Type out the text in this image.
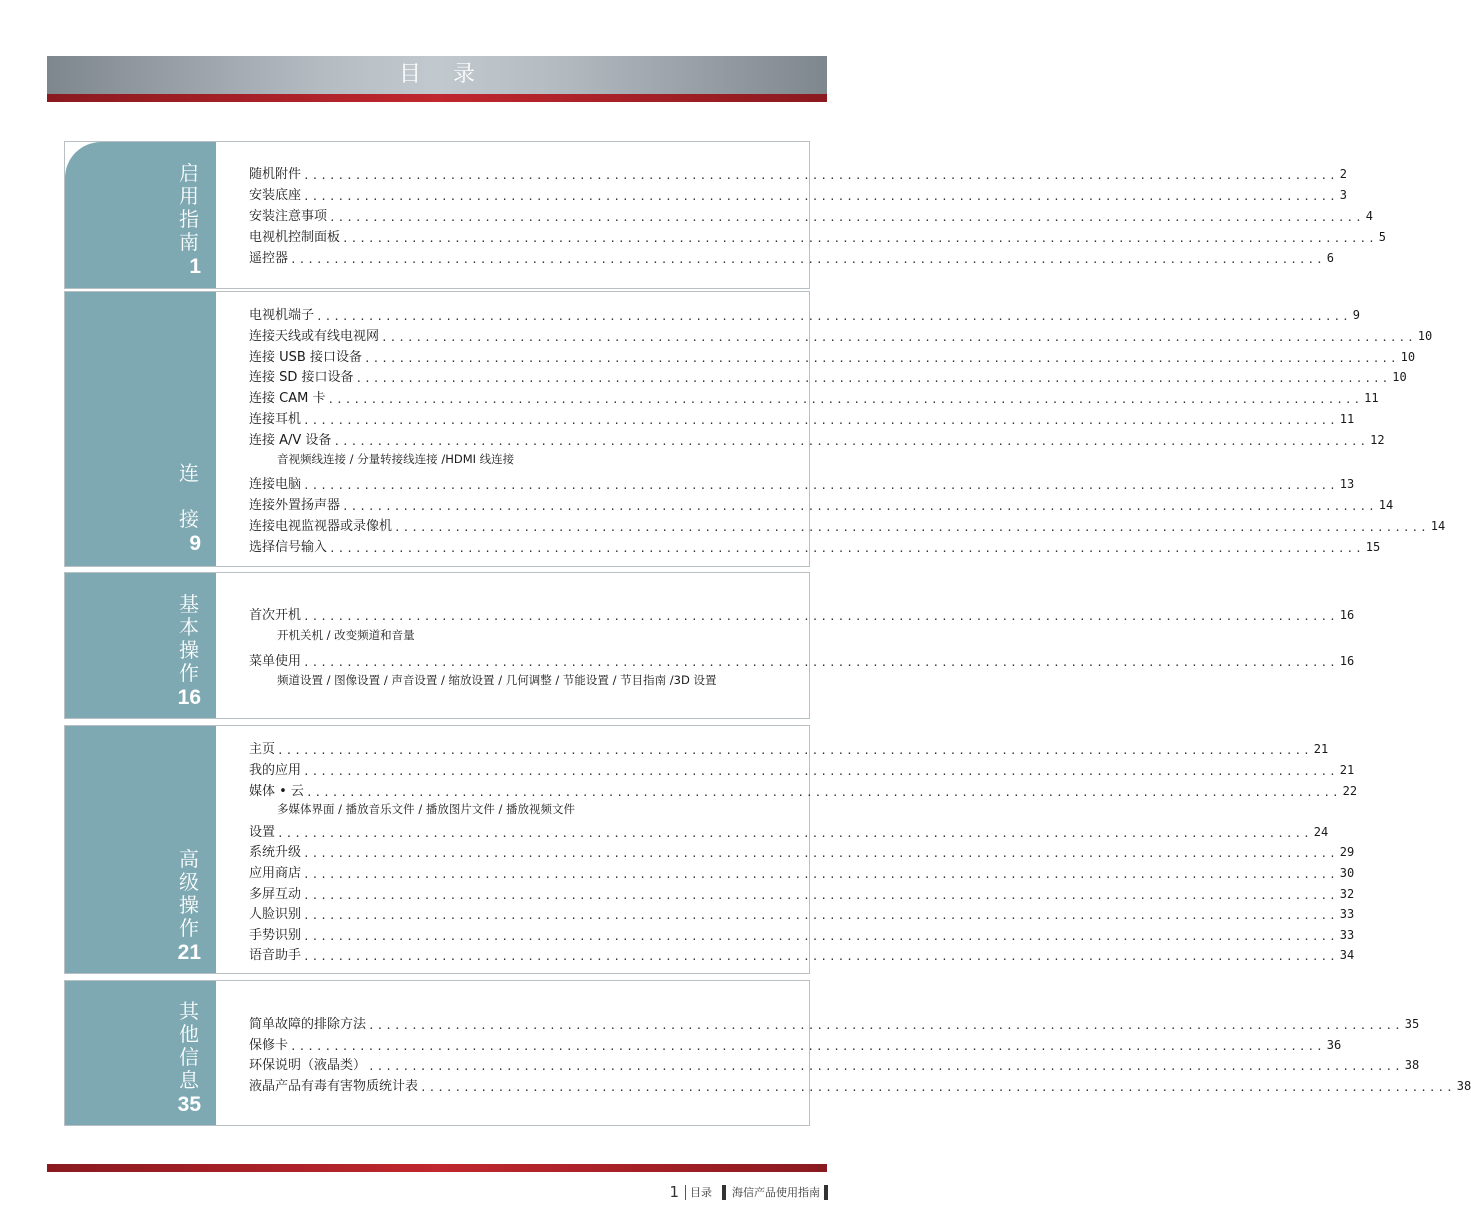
目录
启
用
指
南
1
随机附件 ........................................................................................................................ 2
安装底座 ........................................................................................................................ 3
安装注意事项 ........................................................................................................................ 4
电视机控制面板 ........................................................................................................................ 5
遥控器 ........................................................................................................................ 6
连
接
9
电视机端子 ........................................................................................................................ 9
连接天线或有线电视网 ........................................................................................................................ 10
连接 USB 接口设备 ........................................................................................................................ 10
连接 SD 接口设备 ........................................................................................................................ 10
连接 CAM 卡 ........................................................................................................................ 11
连接耳机 ........................................................................................................................ 11
连接 A/V 设备 ........................................................................................................................ 12
音视频线连接 / 分量转接线连接 /HDMI 线连接
连接电脑 ........................................................................................................................ 13
连接外置扬声器 ........................................................................................................................ 14
连接电视监视器或录像机 ........................................................................................................................ 14
选择信号输入 ........................................................................................................................ 15
基
本
操
作
16
首次开机 ........................................................................................................................ 16
开机关机 / 改变频道和音量
菜单使用 ........................................................................................................................ 16
频道设置 / 图像设置 / 声音设置 / 缩放设置 / 几何调整 / 节能设置 / 节目指南 /3D 设置
高
级
操
作
21
主页 ........................................................................................................................ 21
我的应用 ........................................................................................................................ 21
媒体 • 云 ........................................................................................................................ 22
多媒体界面 / 播放音乐文件 / 播放图片文件 / 播放视频文件
设置 ........................................................................................................................ 24
系统升级 ........................................................................................................................ 29
应用商店 ........................................................................................................................ 30
多屏互动 ........................................................................................................................ 32
人脸识别 ........................................................................................................................ 33
手势识别 ........................................................................................................................ 33
语音助手 ........................................................................................................................ 34
其
他
信
息
35
简单故障的排除方法 ........................................................................................................................ 35
保修卡 ........................................................................................................................ 36
环保说明（液晶类） ........................................................................................................................ 38
液晶产品有毒有害物质统计表 ........................................................................................................................ 38
1 目录 海信产品使用指南
